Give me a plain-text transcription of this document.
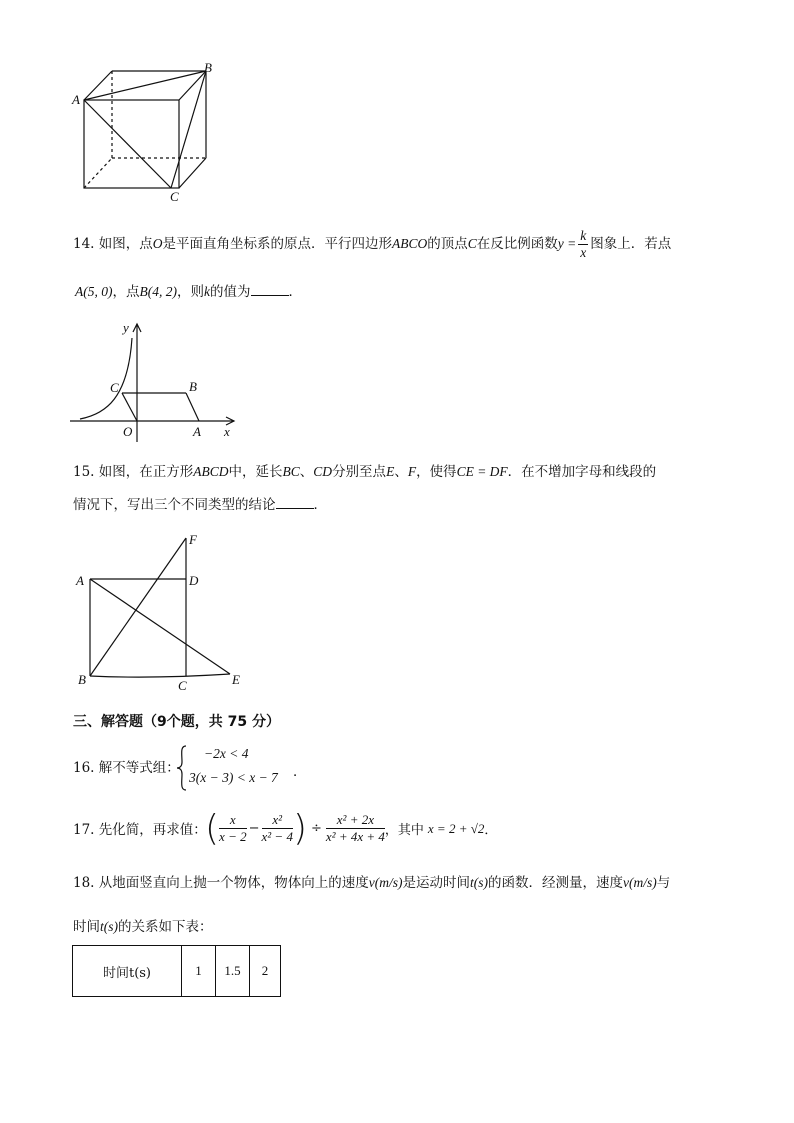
A
B
C
14. 如图，点O是平面直角坐标系的原点．平行四边形ABCO的顶点C在反比例函数$y = \frac{k}{x}$ 图象上．若点
A(5, 0)，点B(4, 2)，则k的值为	．
y
x
C	B
O	A
15. 如图，在正方形ABCD中，延长BC、CD分别至点E、F，使得CE = DF．在不增加字母和线段的
情况下，写出三个不同类型的结论	．
F
A	D
B	C	E
三、解答题（9个题，共 75 分）
16. 解不等式组：
−2x < 4
3(x − 3) < x − 7 ．
17. 先化简，再求值：
( $\frac{x}{x - 2} - \frac{\text{x²}}{\text{x² − 4}}$ ) ÷ $\frac{\text{x² + 2x}}{\text{x² + 4x + 4}}$ ，其中 x = 2 + √2．
18. 从地面竖直向上抛一个物体，物体向上的速度v(m/s)是运动时间t(s)的函数．经测量，速度v(m/s)与
时间t(s)的关系如下表：
时间t(s)	1	1.5	2
